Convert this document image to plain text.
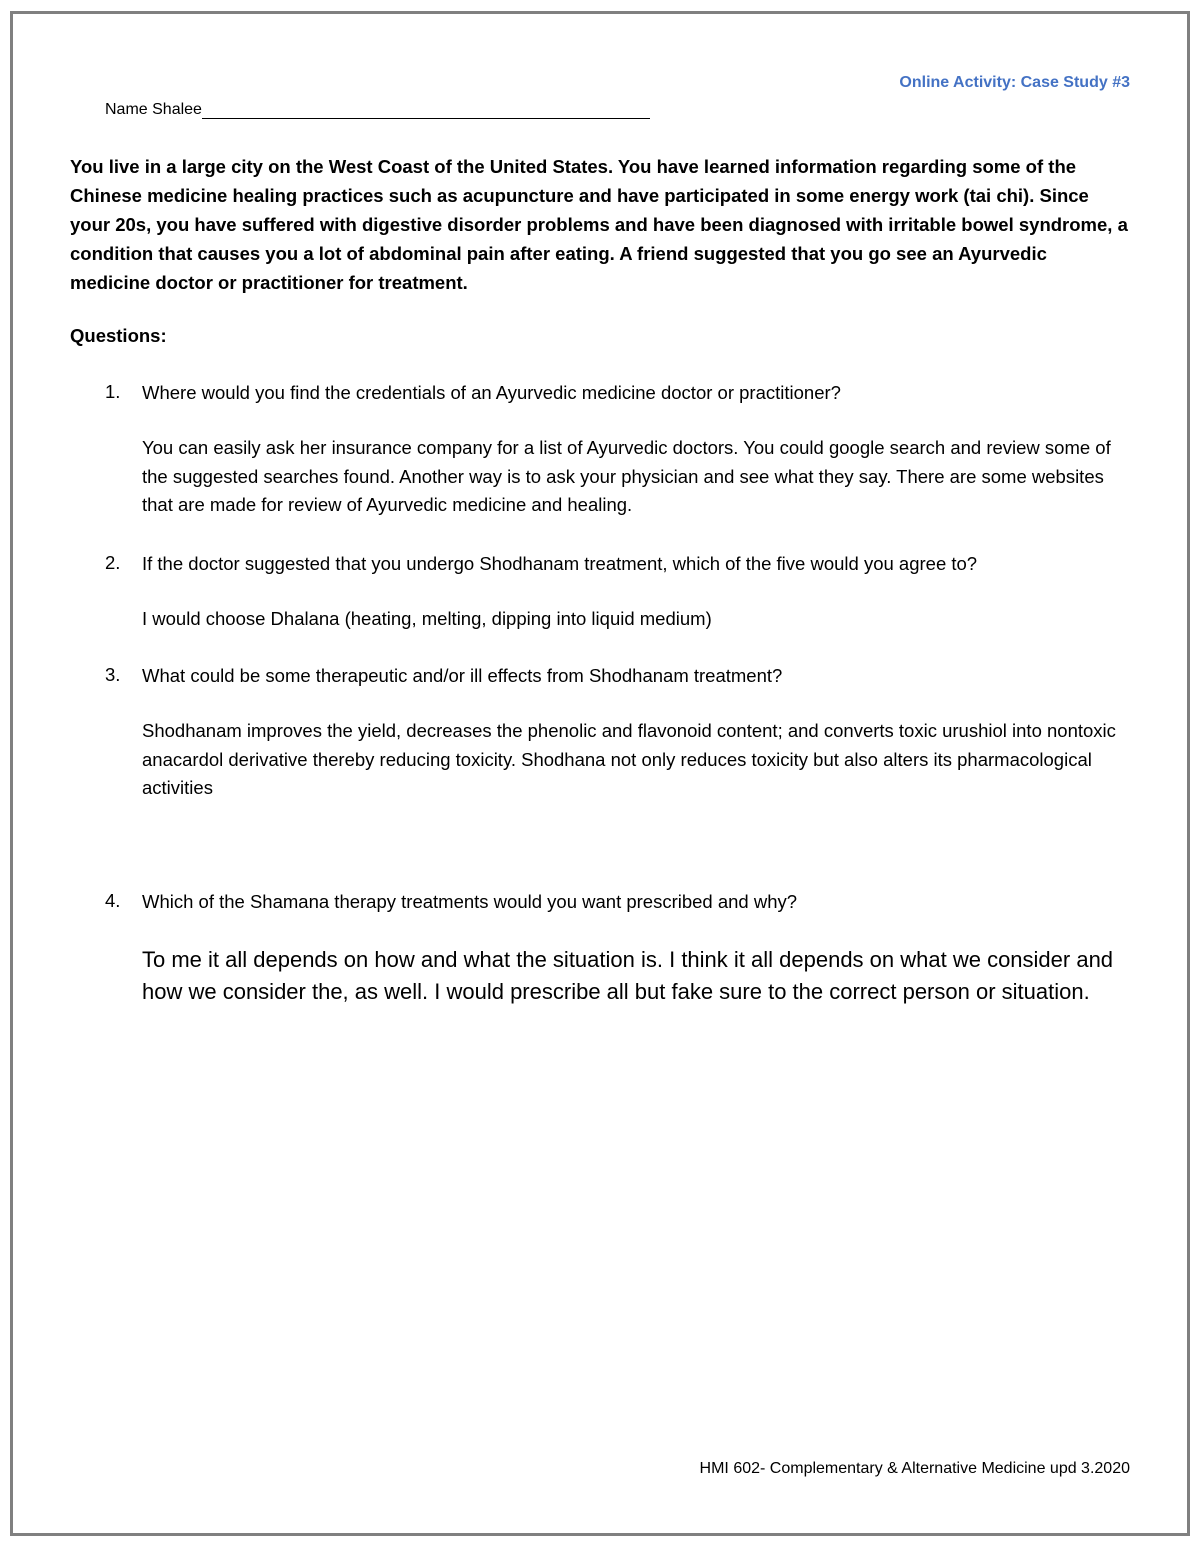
Online Activity: Case Study #3
Name Shalee
You live in a large city on the West Coast of the United States. You have learned information regarding some of the Chinese medicine healing practices such as acupuncture and have participated in some energy work (tai chi). Since your 20s, you have suffered with digestive disorder problems and have been diagnosed with irritable bowel syndrome, a condition that causes you a lot of abdominal pain after eating. A friend suggested that you go see an Ayurvedic medicine doctor or practitioner for treatment.
Questions:
1. Where would you find the credentials of an Ayurvedic medicine doctor or practitioner?
You can easily ask her insurance company for a list of Ayurvedic doctors. You could google search and review some of the suggested searches found. Another way is to ask your physician and see what they say. There are some websites that are made for review of Ayurvedic medicine and healing.
2. If the doctor suggested that you undergo Shodhanam treatment, which of the five would you agree to?
I would choose Dhalana (heating, melting, dipping into liquid medium)
3. What could be some therapeutic and/or ill effects from Shodhanam treatment?
Shodhanam improves the yield, decreases the phenolic and flavonoid content; and converts toxic urushiol into nontoxic anacardol derivative thereby reducing toxicity. Shodhana not only reduces toxicity but also alters its pharmacological activities
4. Which of the Shamana therapy treatments would you want prescribed and why?
To me it all depends on how and what the situation is. I think it all depends on what we consider and how we consider the, as well. I would prescribe all but fake sure to the correct person or situation.
HMI 602- Complementary & Alternative Medicine upd 3.2020
